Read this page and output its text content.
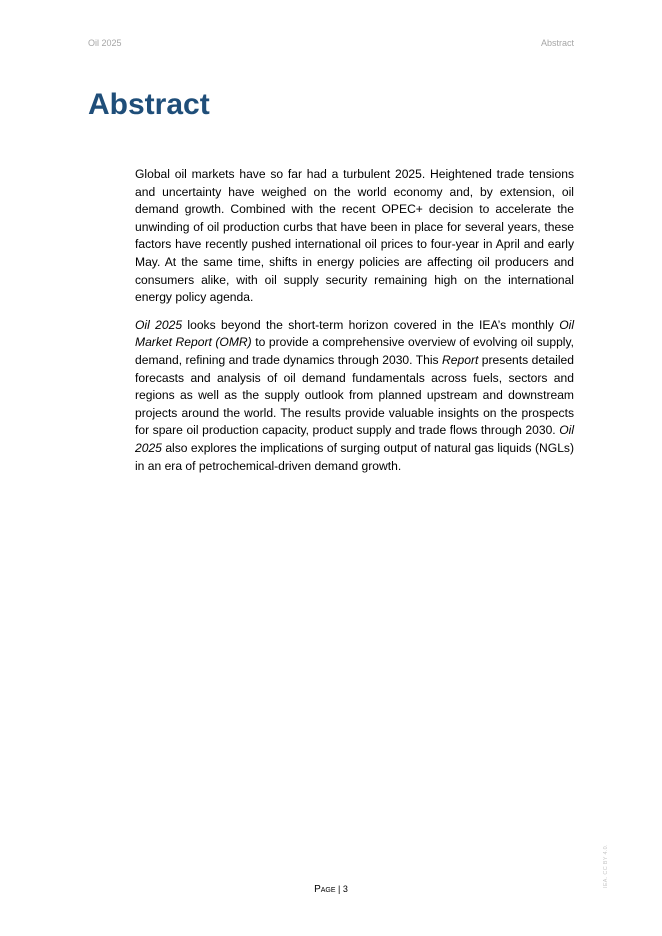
Oil 2025	Abstract
Abstract

Global oil markets have so far had a turbulent 2025. Heightened trade tensions and uncertainty have weighed on the world economy and, by extension, oil demand growth. Combined with the recent OPEC+ decision to accelerate the unwinding of oil production curbs that have been in place for several years, these factors have recently pushed international oil prices to four-year in April and early May. At the same time, shifts in energy policies are affecting oil producers and consumers alike, with oil supply security remaining high on the international energy policy agenda.

Oil 2025 looks beyond the short-term horizon covered in the IEA’s monthly Oil Market Report (OMR) to provide a comprehensive overview of evolving oil supply, demand, refining and trade dynamics through 2030. This Report presents detailed forecasts and analysis of oil demand fundamentals across fuels, sectors and regions as well as the supply outlook from planned upstream and downstream projects around the world. The results provide valuable insights on the prospects for spare oil production capacity, product supply and trade flows through 2030. Oil 2025 also explores the implications of surging output of natural gas liquids (NGLs) in an era of petrochemical-driven demand growth.

Page | 3
IEA. CC BY 4.0.
